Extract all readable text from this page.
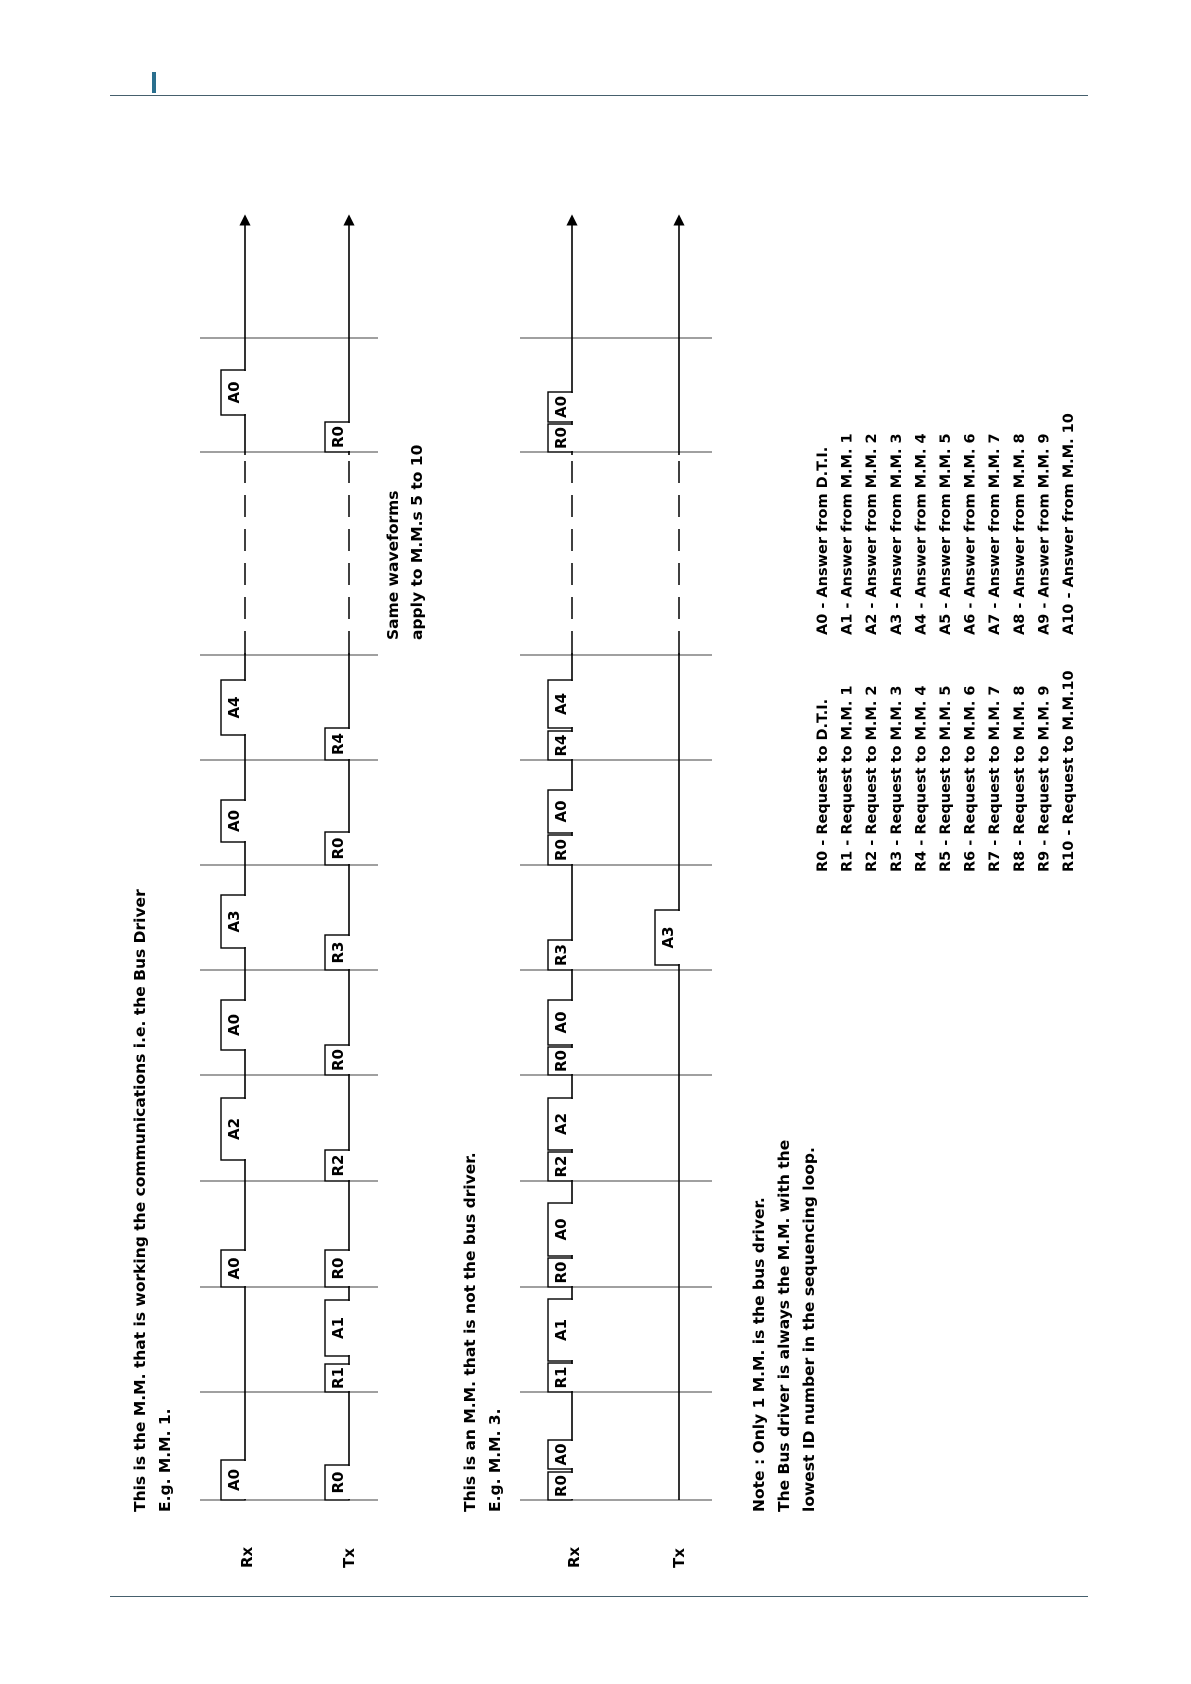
A0
A0
A2
A0
A3
A0
A4
A0
R0
R1
A1
R0
R2
R0
R3
R0
R4
R0
R0
A0
R1
A1
R0
A0
R2
A2
R0
A0
R3
R0
A0
R4
A4
R0
A0
A3
Rx	Tx	Rx	Tx
This is the M.M. that is working the communications i.e. the Bus Driver E.g. M.M. 1.	This is an M.M. that is not the bus driver. E.g. M.M. 3.
Same waveforms apply to M.M.s 5 to 10
Note : Only 1 M.M. is the bus driver. The Bus driver is always the M.M. with the lowest ID number in the sequencing loop.
R0 - Request to D.T.I. R1 - Request to M.M. 1 R2 - Request to M.M. 2 R3 - Request to M.M. 3 R4 - Request to M.M. 4 R5 - Request to M.M. 5 R6 - Request to M.M. 6 R7 - Request to M.M. 7 R8 - Request to M.M. 8 R9 - Request to M.M. 9 R10 - Request to M.M.10
A0 - Answer from D.T.I. A1 - Answer from M.M. 1 A2 - Answer from M.M. 2 A3 - Answer from M.M. 3 A4 - Answer from M.M. 4 A5 - Answer from M.M. 5 A6 - Answer from M.M. 6 A7 - Answer from M.M. 7 A8 - Answer from M.M. 8 A9 - Answer from M.M. 9 A10 - Answer from M.M. 10
